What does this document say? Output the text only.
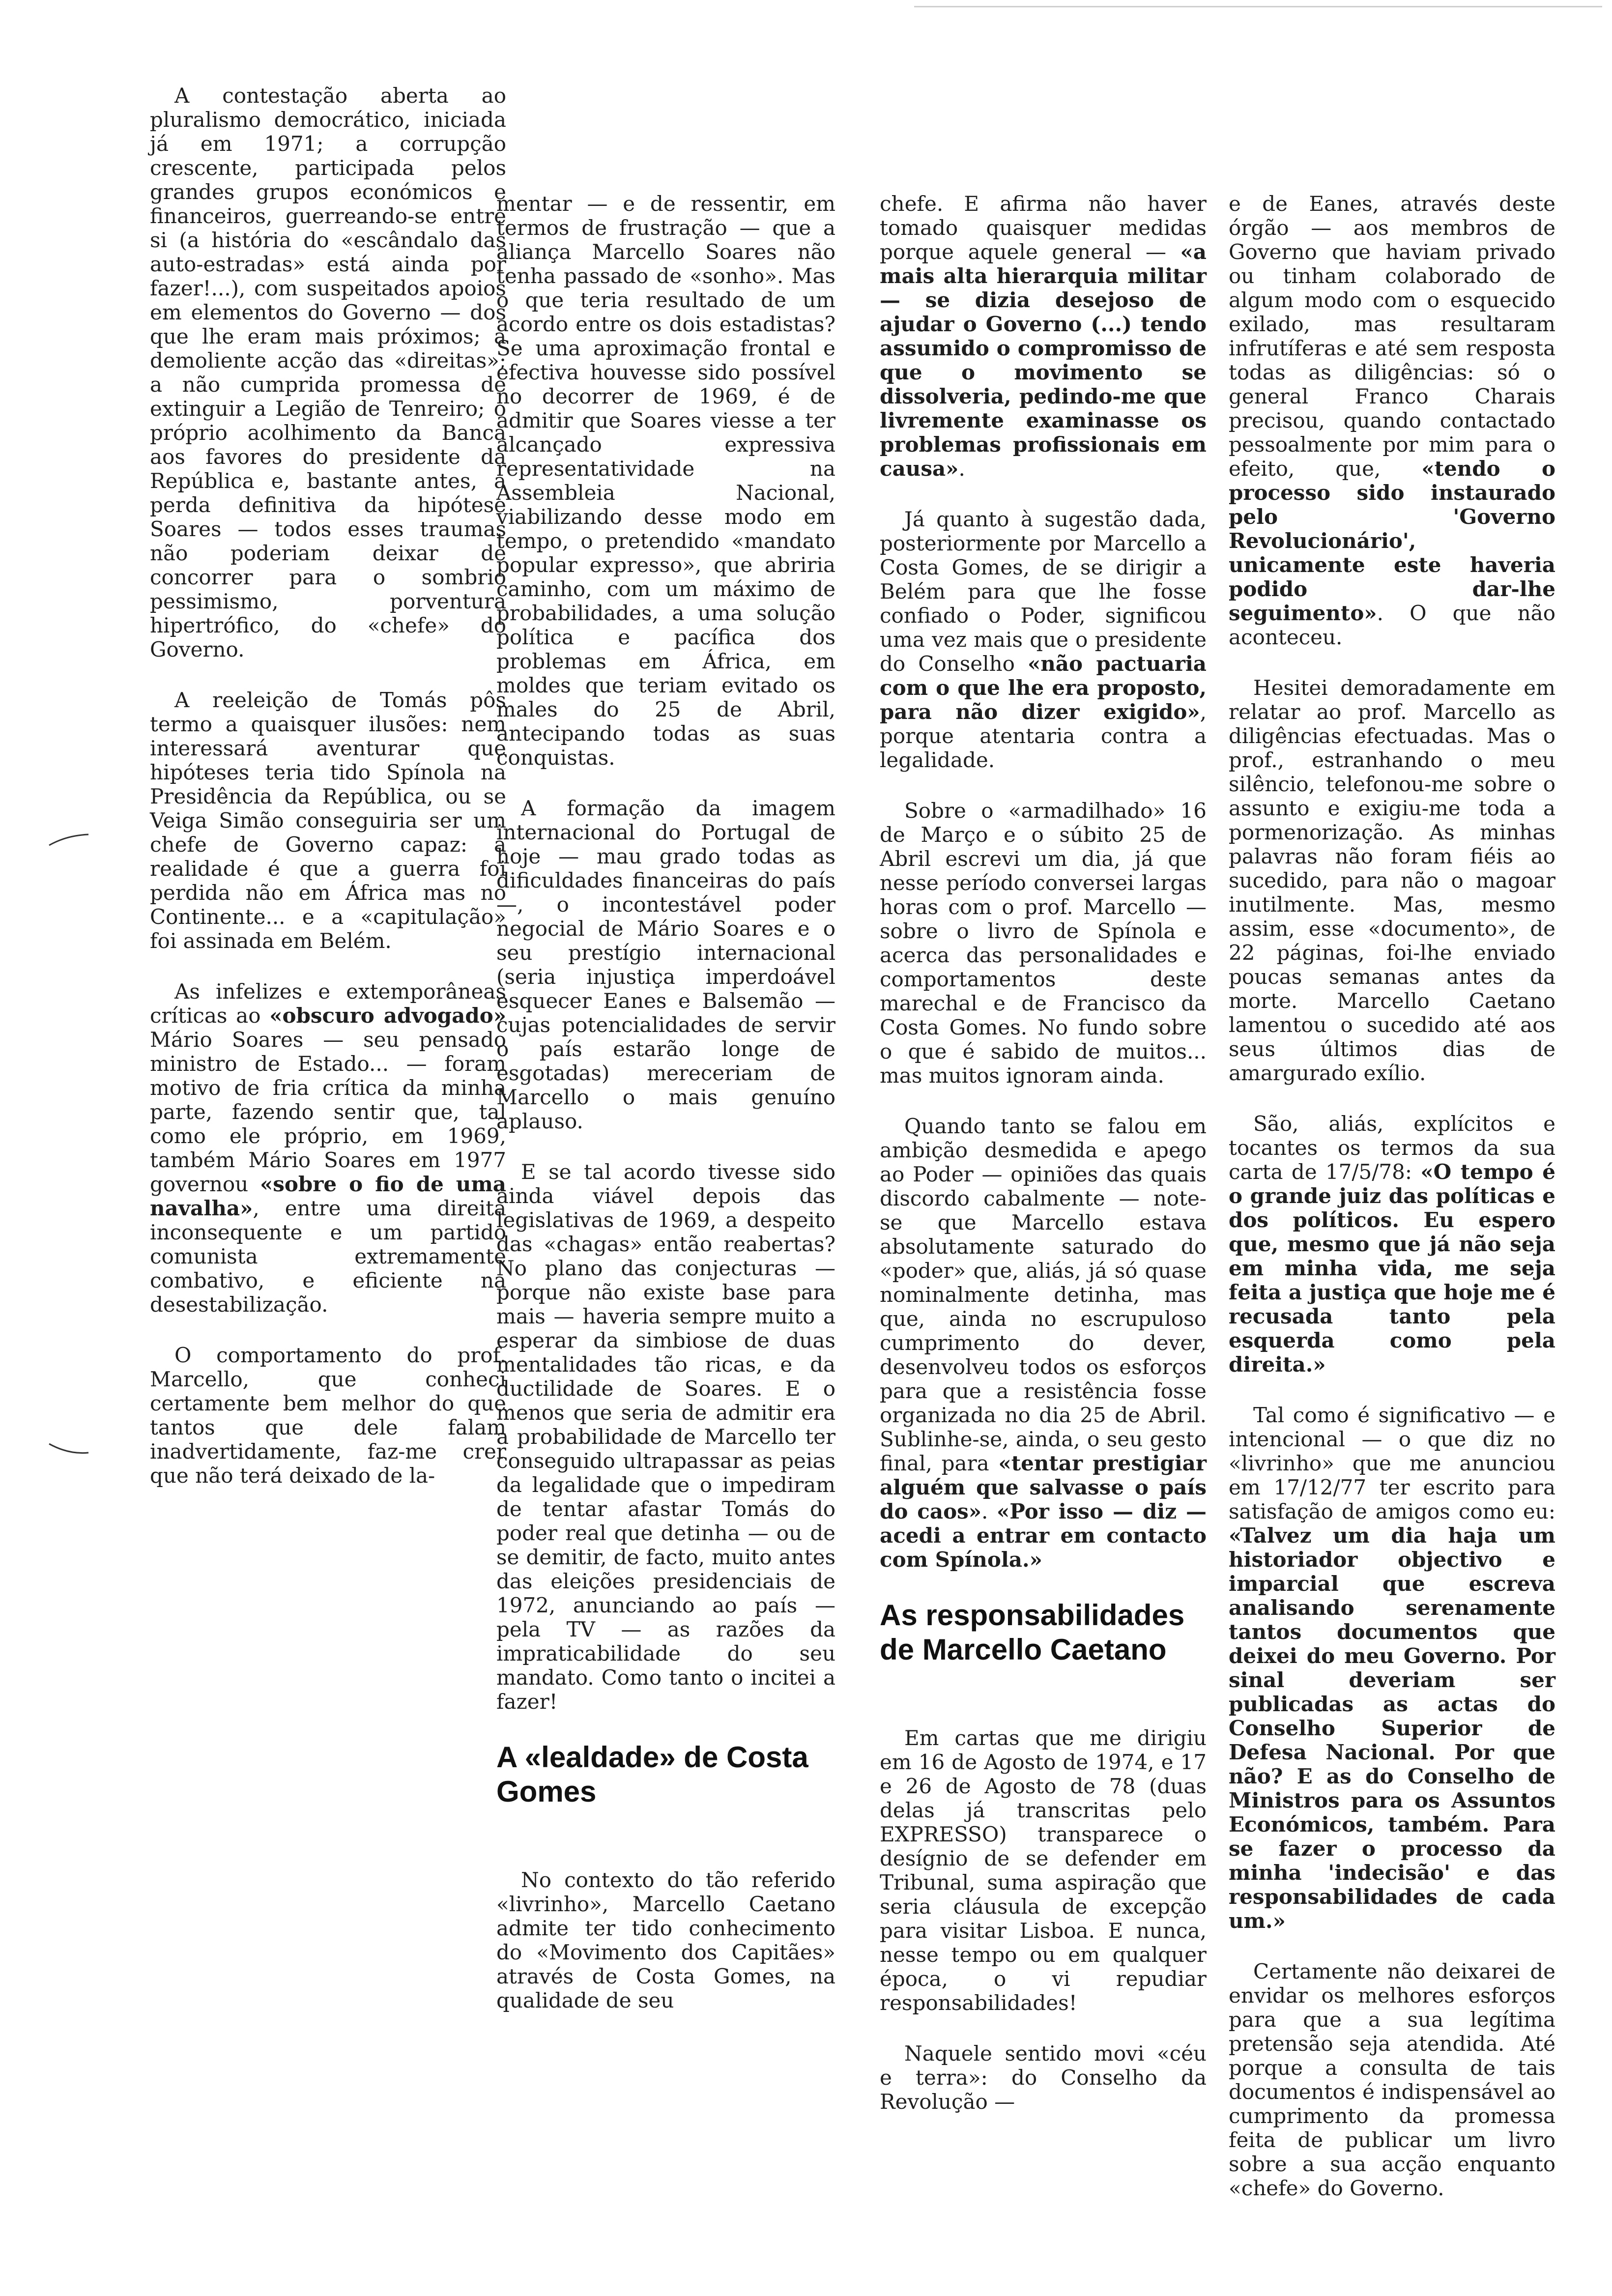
A contestação aberta ao pluralismo democrático, iniciada já em 1971; a corrupção crescente, participada pelos grandes grupos económicos e financeiros, guerreando-se entre si (a história do «escândalo das auto-estradas» está ainda por fazer!...), com suspeitados apoios em elementos do Governo — dos que lhe eram mais próximos; a demoliente acção das «direitas»; a não cumprida promessa de extinguir a Legião de Tenreiro; o próprio acolhimento da Banca aos favores do presidente da República e, bastante antes, a perda definitiva da hipótese Soares — todos esses traumas não poderiam deixar de concorrer para o sombrio pessimismo, porventura hipertrófico, do «chefe» do Governo.

A reeleição de Tomás pôs termo a quaisquer ilusões: nem interessará aventurar que hipóteses teria tido Spínola na Presidência da República, ou se Veiga Simão conseguiria ser um chefe de Governo capaz: a realidade é que a guerra foi perdida não em África mas no Continente... e a «capitulação» foi assinada em Belém.

As infelizes e extemporâneas críticas ao «obscuro advogado» Mário Soares — seu pensado ministro de Estado... — foram motivo de fria crítica da minha parte, fazendo sentir que, tal como ele próprio, em 1969, também Mário Soares em 1977 governou «sobre o fio de uma navalha», entre uma direita inconsequente e um partido comunista extremamente combativo, e eficiente na desestabilização.

O comportamento do prof. Marcello, que conheci certamente bem melhor do que tantos que dele falam inadvertidamente, faz-me crer que não terá deixado de la-

mentar — e de ressentir, em termos de frustração — que a aliança Marcello Soares não tenha passado de «sonho». Mas o que teria resultado de um acordo entre os dois estadistas? Se uma aproximação frontal e efectiva houvesse sido possível no decorrer de 1969, é de admitir que Soares viesse a ter alcançado expressiva representatividade na Assembleia Nacional, viabilizando desse modo em tempo, o pretendido «mandato popular expresso», que abriria caminho, com um máximo de probabilidades, a uma solução política e pacífica dos problemas em África, em moldes que teriam evitado os males do 25 de Abril, antecipando todas as suas conquistas.

A formação da imagem internacional do Portugal de hoje — mau grado todas as dificuldades financeiras do país —, o incontestável poder negocial de Mário Soares e o seu prestígio internacional (seria injustiça imperdoável esquecer Eanes e Balsemão — cujas potencialidades de servir o país estarão longe de esgotadas) mereceriam de Marcello o mais genuíno aplauso.

E se tal acordo tivesse sido ainda viável depois das legislativas de 1969, a despeito das «chagas» então reabertas? No plano das conjecturas — porque não existe base para mais — haveria sempre muito a esperar da simbiose de duas mentalidades tão ricas, e da ductilidade de Soares. E o menos que seria de admitir era a probabilidade de Marcello ter conseguido ultrapassar as peias da legalidade que o impediram de tentar afastar Tomás do poder real que detinha — ou de se demitir, de facto, muito antes das eleições presidenciais de 1972, anunciando ao país — pela TV — as razões da impraticabilidade do seu mandato. Como tanto o incitei a fazer!

A «lealdade» de Costa Gomes

No contexto do tão referido «livrinho», Marcello Caetano admite ter tido conhecimento do «Movimento dos Capitães» através de Costa Gomes, na qualidade de seu

chefe. E afirma não haver tomado quaisquer medidas porque aquele general — «a mais alta hierarquia militar — se dizia desejoso de ajudar o Governo (...) tendo assumido o compromisso de que o movimento se dissolveria, pedindo-me que livremente examinasse os problemas profissionais em causa».

Já quanto à sugestão dada, posteriormente por Marcello a Costa Gomes, de se dirigir a Belém para que lhe fosse confiado o Poder, significou uma vez mais que o presidente do Conselho «não pactuaria com o que lhe era proposto, para não dizer exigido», porque atentaria contra a legalidade.

Sobre o «armadilhado» 16 de Março e o súbito 25 de Abril escrevi um dia, já que nesse período conversei largas horas com o prof. Marcello — sobre o livro de Spínola e acerca das personalidades e comportamentos deste marechal e de Francisco da Costa Gomes. No fundo sobre o que é sabido de muitos... mas muitos ignoram ainda.

Quando tanto se falou em ambição desmedida e apego ao Poder — opiniões das quais discordo cabalmente — note-se que Marcello estava absolutamente saturado do «poder» que, aliás, já só quase nominalmente detinha, mas que, ainda no escrupuloso cumprimento do dever, desenvolveu todos os esforços para que a resistência fosse organizada no dia 25 de Abril. Sublinhe-se, ainda, o seu gesto final, para «tentar prestigiar alguém que salvasse o país do caos». «Por isso — diz — acedi a entrar em contacto com Spínola.»

As responsabilidades de Marcello Caetano

Em cartas que me dirigiu em 16 de Agosto de 1974, e 17 e 26 de Agosto de 78 (duas delas já transcritas pelo EXPRESSO) transparece o desígnio de se defender em Tribunal, suma aspiração que seria cláusula de excepção para visitar Lisboa. E nunca, nesse tempo ou em qualquer época, o vi repudiar responsabilidades!

Naquele sentido movi «céu e terra»: do Conselho da Revolução —

e de Eanes, através deste órgão — aos membros de Governo que haviam privado ou tinham colaborado de algum modo com o esquecido exilado, mas resultaram infrutíferas e até sem resposta todas as diligências: só o general Franco Charais precisou, quando contactado pessoalmente por mim para o efeito, que, «tendo o processo sido instaurado pelo 'Governo Revolucionário', unicamente este haveria podido dar-lhe seguimento». O que não aconteceu.

Hesitei demoradamente em relatar ao prof. Marcello as diligências efectuadas. Mas o prof., estranhando o meu silêncio, telefonou-me sobre o assunto e exigiu-me toda a pormenorização. As minhas palavras não foram fiéis ao sucedido, para não o magoar inutilmente. Mas, mesmo assim, esse «documento», de 22 páginas, foi-lhe enviado poucas semanas antes da morte. Marcello Caetano lamentou o sucedido até aos seus últimos dias de amargurado exílio.

São, aliás, explícitos e tocantes os termos da sua carta de 17/5/78: «O tempo é o grande juiz das políticas e dos políticos. Eu espero que, mesmo que já não seja em minha vida, me seja feita a justiça que hoje me é recusada tanto pela esquerda como pela direita.»

Tal como é significativo — e intencional — o que diz no «livrinho» que me anunciou em 17/12/77 ter escrito para satisfação de amigos como eu: «Talvez um dia haja um historiador objectivo e imparcial que escreva analisando serenamente tantos documentos que deixei do meu Governo. Por sinal deveriam ser publicadas as actas do Conselho Superior de Defesa Nacional. Por que não? E as do Conselho de Ministros para os Assuntos Económicos, também. Para se fazer o processo da minha 'indecisão' e das responsabilidades de cada um.»

Certamente não deixarei de envidar os melhores esforços para que a sua legítima pretensão seja atendida. Até porque a consulta de tais documentos é indispensável ao cumprimento da promessa feita de publicar um livro sobre a sua acção enquanto «chefe» do Governo.
